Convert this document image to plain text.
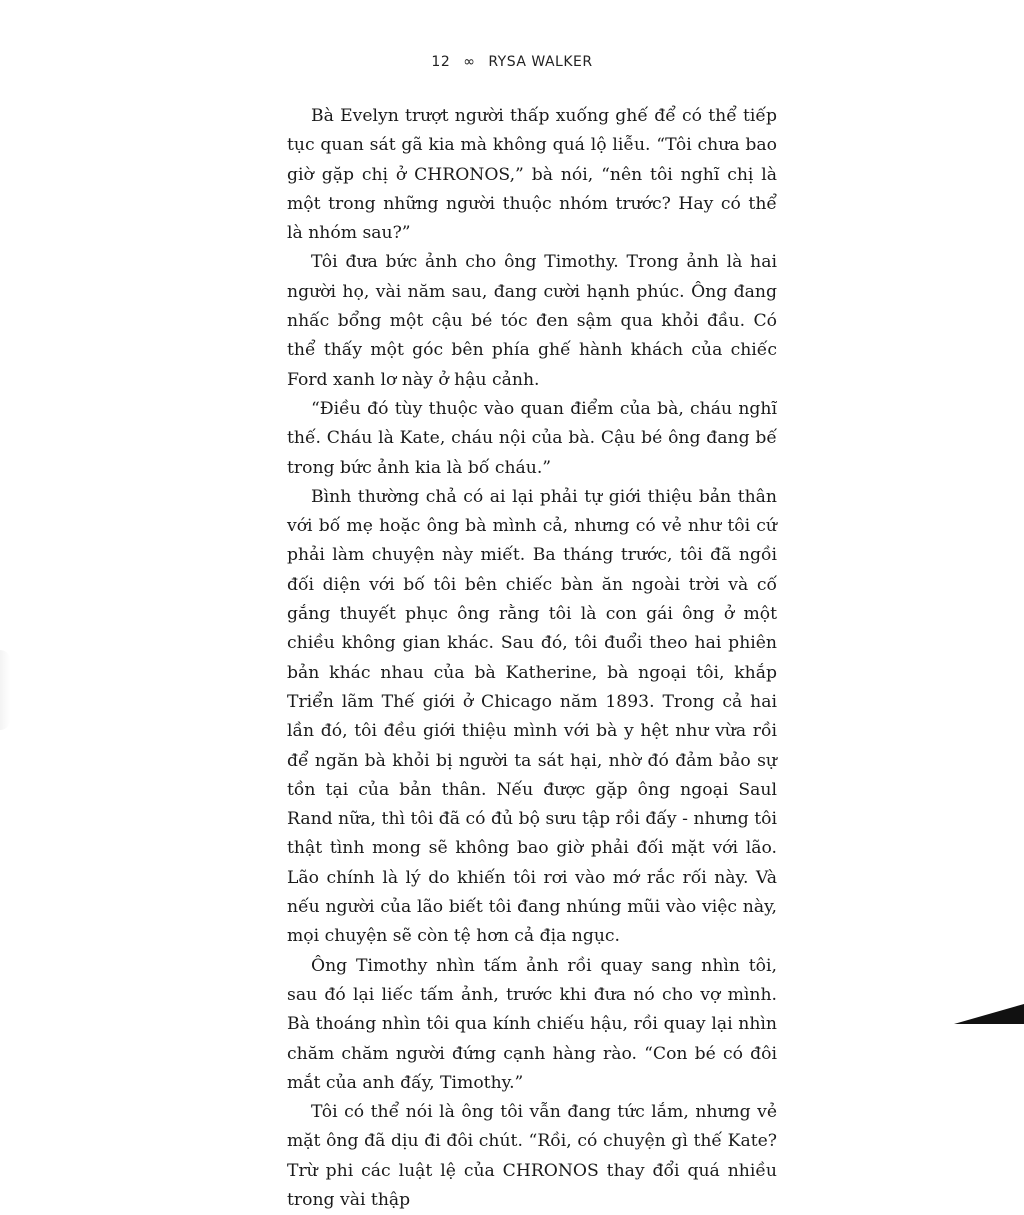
12 ∞ RYSA WALKER

Bà Evelyn trượt người thấp xuống ghế để có thể tiếp tục quan sát gã kia mà không quá lộ liễu. “Tôi chưa bao giờ gặp chị ở CHRONOS,” bà nói, “nên tôi nghĩ chị là một trong những người thuộc nhóm trước? Hay có thể là nhóm sau?”

Tôi đưa bức ảnh cho ông Timothy. Trong ảnh là hai người họ, vài năm sau, đang cười hạnh phúc. Ông đang nhấc bổng một cậu bé tóc đen sậm qua khỏi đầu. Có thể thấy một góc bên phía ghế hành khách của chiếc Ford xanh lơ này ở hậu cảnh.

“Điều đó tùy thuộc vào quan điểm của bà, cháu nghĩ thế. Cháu là Kate, cháu nội của bà. Cậu bé ông đang bế trong bức ảnh kia là bố cháu.”

Bình thường chả có ai lại phải tự giới thiệu bản thân với bố mẹ hoặc ông bà mình cả, nhưng có vẻ như tôi cứ phải làm chuyện này miết. Ba tháng trước, tôi đã ngồi đối diện với bố tôi bên chiếc bàn ăn ngoài trời và cố gắng thuyết phục ông rằng tôi là con gái ông ở một chiều không gian khác. Sau đó, tôi đuổi theo hai phiên bản khác nhau của bà Katherine, bà ngoại tôi, khắp Triển lãm Thế giới ở Chicago năm 1893. Trong cả hai lần đó, tôi đều giới thiệu mình với bà y hệt như vừa rồi để ngăn bà khỏi bị người ta sát hại, nhờ đó đảm bảo sự tồn tại của bản thân. Nếu được gặp ông ngoại Saul Rand nữa, thì tôi đã có đủ bộ sưu tập rồi đấy - nhưng tôi thật tình mong sẽ không bao giờ phải đối mặt với lão. Lão chính là lý do khiến tôi rơi vào mớ rắc rối này. Và nếu người của lão biết tôi đang nhúng mũi vào việc này, mọi chuyện sẽ còn tệ hơn cả địa ngục.

Ông Timothy nhìn tấm ảnh rồi quay sang nhìn tôi, sau đó lại liếc tấm ảnh, trước khi đưa nó cho vợ mình. Bà thoáng nhìn tôi qua kính chiếu hậu, rồi quay lại nhìn chăm chăm người đứng cạnh hàng rào. “Con bé có đôi mắt của anh đấy, Timothy.”

Tôi có thể nói là ông tôi vẫn đang tức lắm, nhưng vẻ mặt ông đã dịu đi đôi chút. “Rồi, có chuyện gì thế Kate? Trừ phi các luật lệ của CHRONOS thay đổi quá nhiều trong vài thập
